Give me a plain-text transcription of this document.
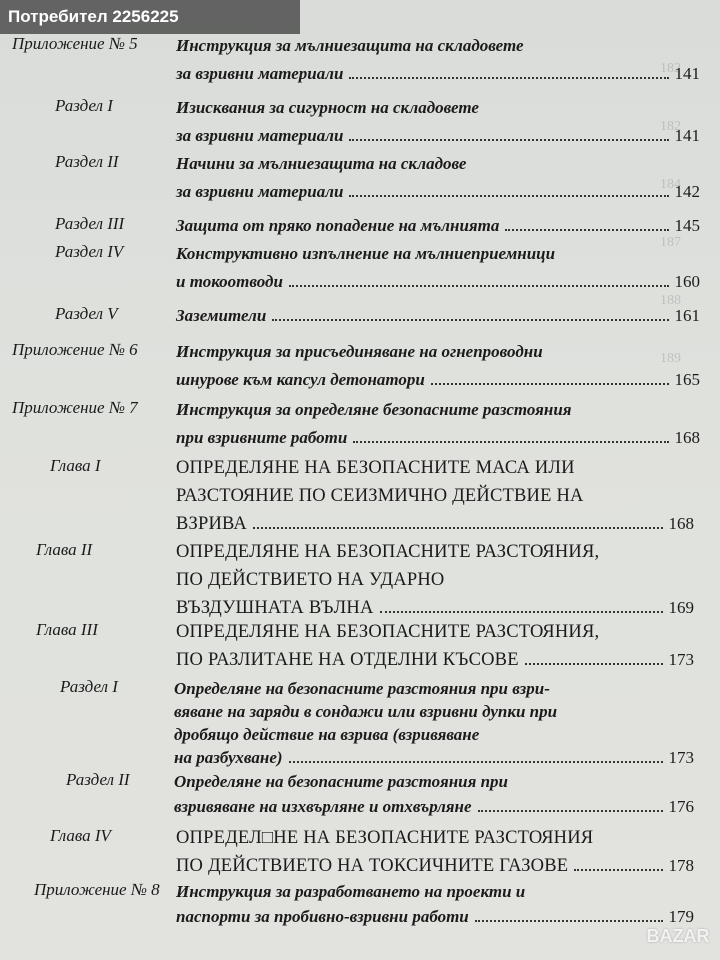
182
182
184
187
188
189

Потребител 2256225
Приложение № 5 Инструкция за мълниезащита на складовете
за взривни материали	141
Раздел I	Изисквания за сигурност на складовете
за взривни материали	141
Раздел II	Начини за мълниезащита на складове
за взривни материали	142
Раздел III	Защита от пряко попадение на мълнията	145
Раздел IV	Конструктивно изпълнение на мълниеприемници
и токоотводи	160
Раздел V	Заземители	161
Приложение № 6 Инструкция за присъединяване на огнепроводни
шнурове към капсул детонатори	165
Приложение № 7 Инструкция за определяне безопасните разстояния
при взривните работи	168
Глава I	ОПРЕДЕЛЯНЕ НА БЕЗОПАСНИТЕ МАСА ИЛИ
РАЗСТОЯНИЕ ПО СЕИЗМИЧНО ДЕЙСТВИЕ НА
ВЗРИВА	168
Глава II	ОПРЕДЕЛЯНЕ НА БЕЗОПАСНИТЕ РАЗСТОЯНИЯ,
ПО ДЕЙСТВИЕТО НА УДАРНО
ВЪЗДУШНАТА ВЪЛНА	169
Глава III	ОПРЕДЕЛЯНЕ НА БЕЗОПАСНИТЕ РАЗСТОЯНИЯ,
ПО РАЗЛИТАНЕ НА ОТДЕЛНИ КЪСОВЕ	173
Раздел I	Определяне на безопасните разстояния при взри-
вяване на заряди в сондажи или взривни дупки при
дробящо действие на взрива (взривяване
на разбухване)	173
Раздел II	Определяне на безопасните разстояния при
взривяване на изхвърляне и отхвърляне	176
Глава IV	ОПРЕДЕЛ□НЕ НА БЕЗОПАСНИТЕ РАЗСТОЯНИЯ
ПО ДЕЙСТВИЕТО НА ТОКСИЧНИТЕ ГАЗОВЕ	178
Приложение № 8 Инструкция за разработването на проекти и
паспорти за пробивно-взривни работи	179
BAZAR
